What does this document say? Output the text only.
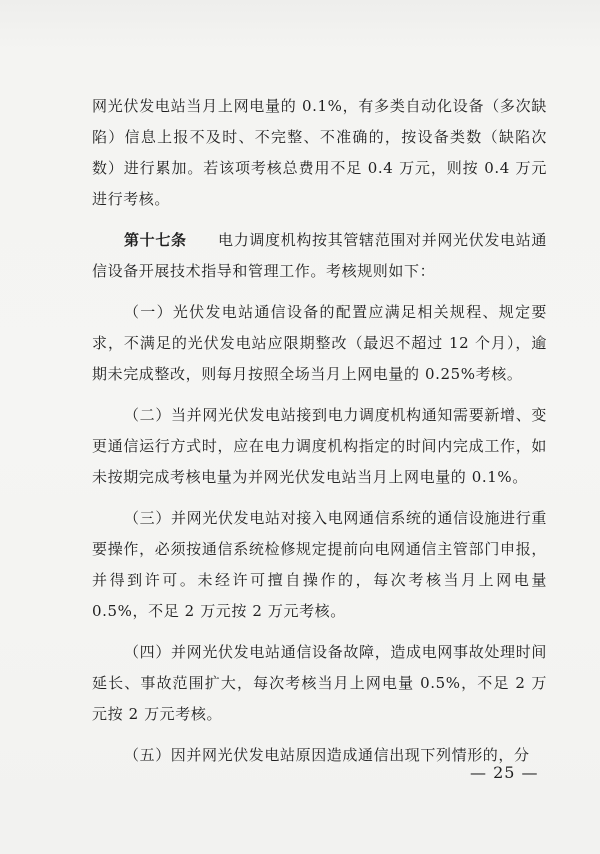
网光伏发电站当月上网电量的 0.1%，有多类自动化设备（多次缺陷）信息上报不及时、不完整、不准确的，按设备类数（缺陷次数）进行累加。若该项考核总费用不足 0.4 万元，则按 0.4 万元进行考核。

第十七条　　电力调度机构按其管辖范围对并网光伏发电站通信设备开展技术指导和管理工作。考核规则如下：

（一）光伏发电站通信设备的配置应满足相关规程、规定要求，不满足的光伏发电站应限期整改（最迟不超过 12 个月），逾期未完成整改，则每月按照全场当月上网电量的 0.25%考核。

（二）当并网光伏发电站接到电力调度机构通知需要新增、变更通信运行方式时，应在电力调度机构指定的时间内完成工作，如未按期完成考核电量为并网光伏发电站当月上网电量的 0.1%。

（三）并网光伏发电站对接入电网通信系统的通信设施进行重要操作，必须按通信系统检修规定提前向电网通信主管部门申报，并得到许可。未经许可擅自操作的，每次考核当月上网电量 0.5%，不足 2 万元按 2 万元考核。

（四）并网光伏发电站通信设备故障，造成电网事故处理时间延长、事故范围扩大，每次考核当月上网电量 0.5%，不足 2 万元按 2 万元考核。

（五）因并网光伏发电站原因造成通信出现下列情形的，分

— 25 —
